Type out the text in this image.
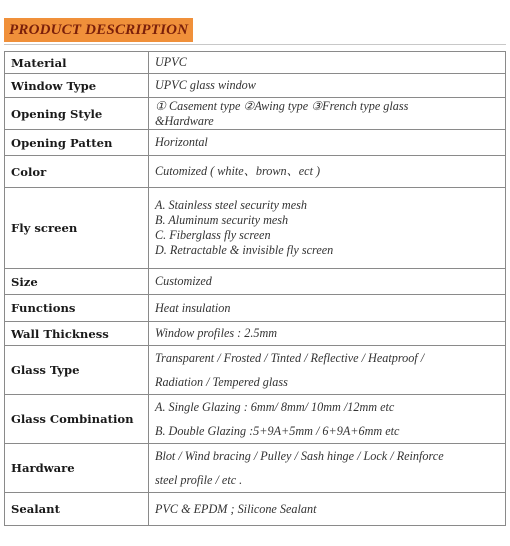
PRODUCT DESCRIPTION
Material	UPVC

Window Type	UPVC glass window

Opening Style	① Casement type ②Awing type ③French type glass
&Hardware

Opening Patten	Horizontal

Color	Cutomized ( white、brown、ect )

Fly screen	A. Stainless steel security mesh
B. Aluminum security mesh
C. Fiberglass fly screen
D. Retractable & invisible fly screen

Size	Customized

Functions	Heat insulation

Wall Thickness	Window profiles : 2.5mm

Glass Type	Transparent / Frosted / Tinted / Reflective / Heatproof /
Radiation / Tempered glass

Glass Combination	A. Single Glazing : 6mm/ 8mm/ 10mm /12mm etc
B. Double Glazing :5+9A+5mm / 6+9A+6mm etc

Hardware	Blot / Wind bracing / Pulley / Sash hinge / Lock / Reinforce
steel profile / etc .

Sealant	PVC & EPDM ; Silicone Sealant
